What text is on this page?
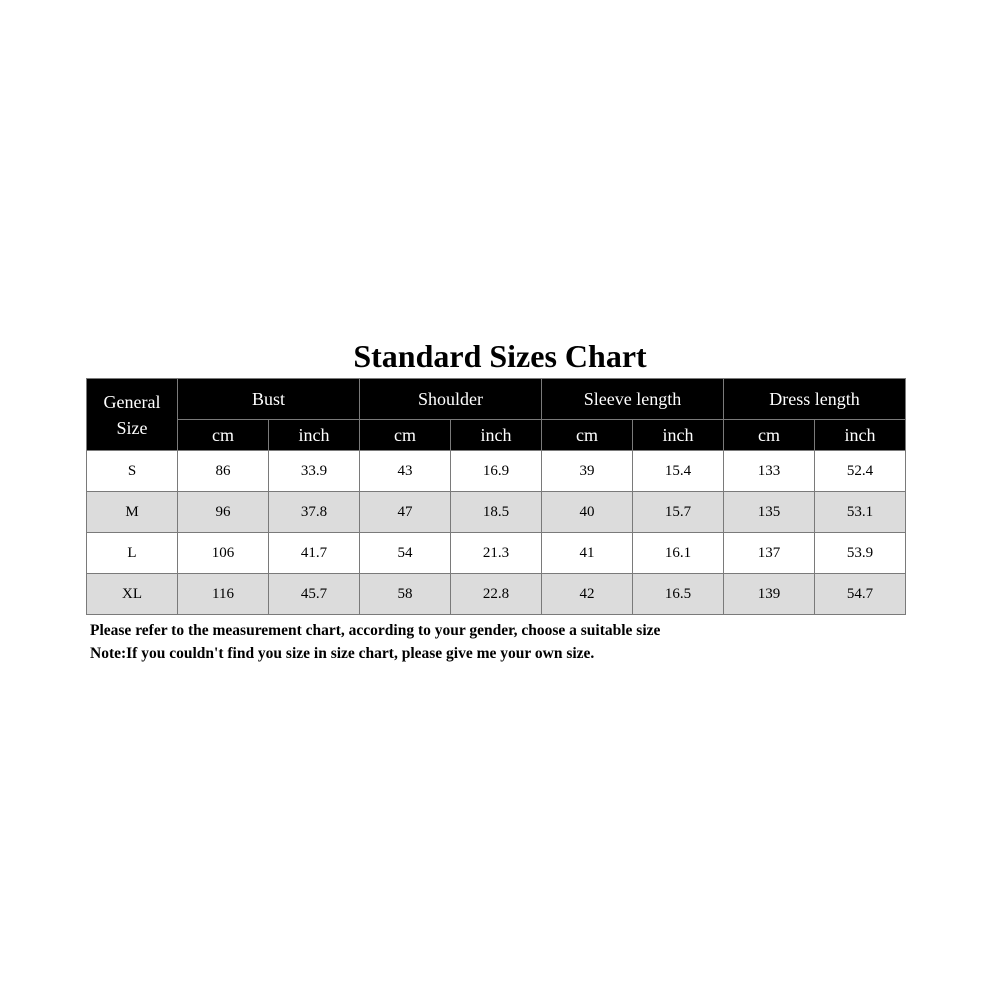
Standard Sizes Chart
General
Size	Bust		Shoulder		Sleeve length		Dress length	
	cm	inch	cm	inch	cm	inch	cm	inch
S	86	33.9	43	16.9	39	15.4	133	52.4
M	96	37.8	47	18.5	40	15.7	135	53.1
L	106	41.7	54	21.3	41	16.1	137	53.9
XL	116	45.7	58	22.8	42	16.5	139	54.7
Please refer to the measurement chart, according to your gender, choose a suitable size
Note:If you couldn't find you size in size chart, please give me your own size.
